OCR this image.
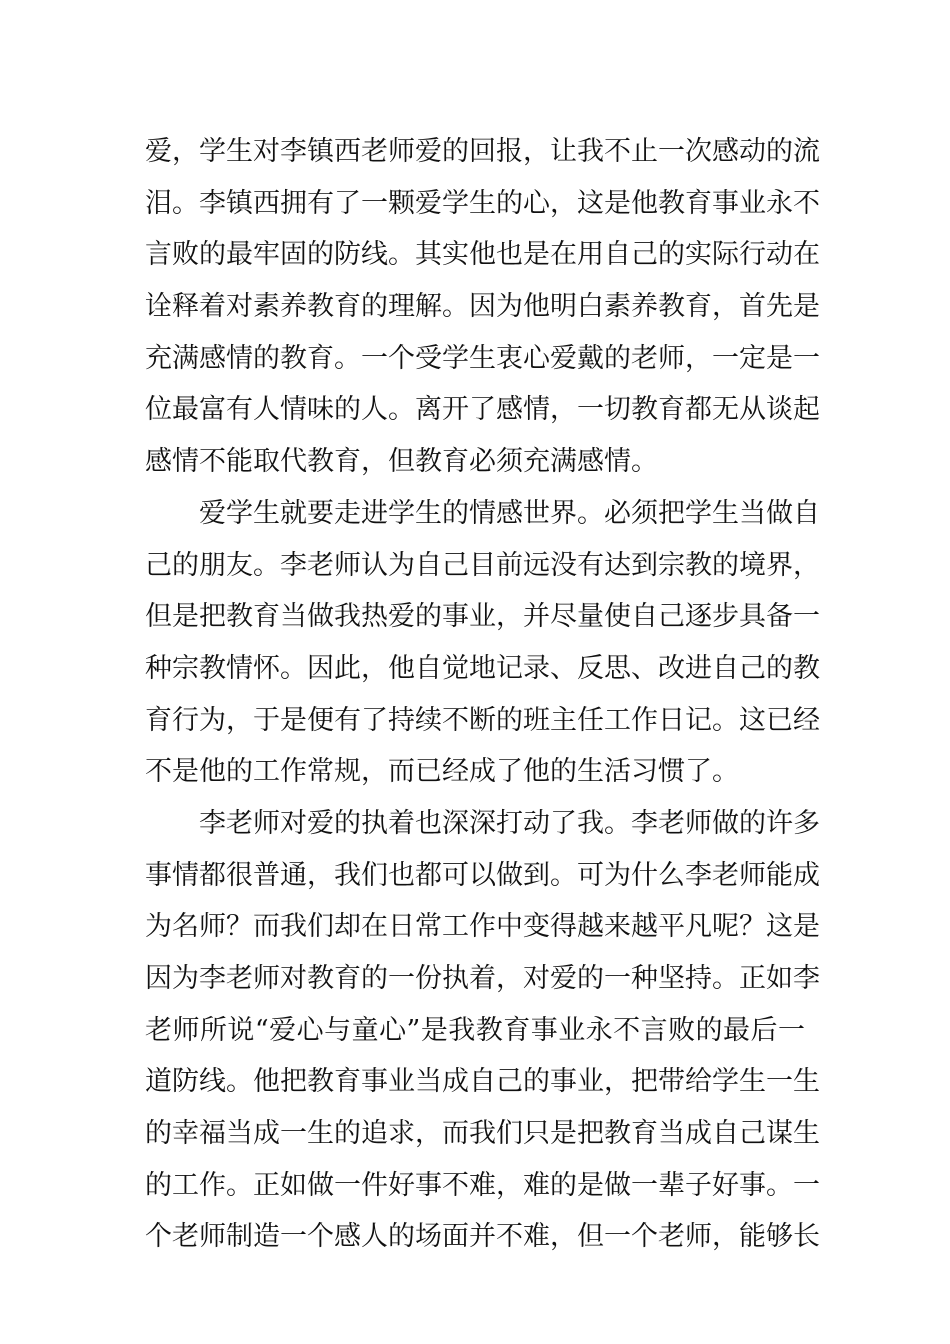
爱，学生对李镇西老师爱的回报，让我不止一次感动的流
泪。李镇西拥有了一颗爱学生的心，这是他教育事业永不
言败的最牢固的防线。其实他也是在用自己的实际行动在
诠释着对素养教育的理解。因为他明白素养教育，首先是
充满感情的教育。一个受学生衷心爱戴的老师，一定是一
位最富有人情味的人。离开了感情，一切教育都无从谈起
感情不能取代教育，但教育必须充满感情。
爱学生就要走进学生的情感世界。必须把学生当做自
己的朋友。李老师认为自己目前远没有达到宗教的境界，
但是把教育当做我热爱的事业，并尽量使自己逐步具备一
种宗教情怀。因此，他自觉地记录、反思、改进自己的教
育行为，于是便有了持续不断的班主任工作日记。这已经
不是他的工作常规，而已经成了他的生活习惯了。
李老师对爱的执着也深深打动了我。李老师做的许多
事情都很普通，我们也都可以做到。可为什么李老师能成
为名师？而我们却在日常工作中变得越来越平凡呢？这是
因为李老师对教育的一份执着，对爱的一种坚持。正如李
老师所说“爱心与童心”是我教育事业永不言败的最后一
道防线。他把教育事业当成自己的事业，把带给学生一生
的幸福当成一生的追求，而我们只是把教育当成自己谋生
的工作。正如做一件好事不难，难的是做一辈子好事。一
个老师制造一个感人的场面并不难，但一个老师，能够长
